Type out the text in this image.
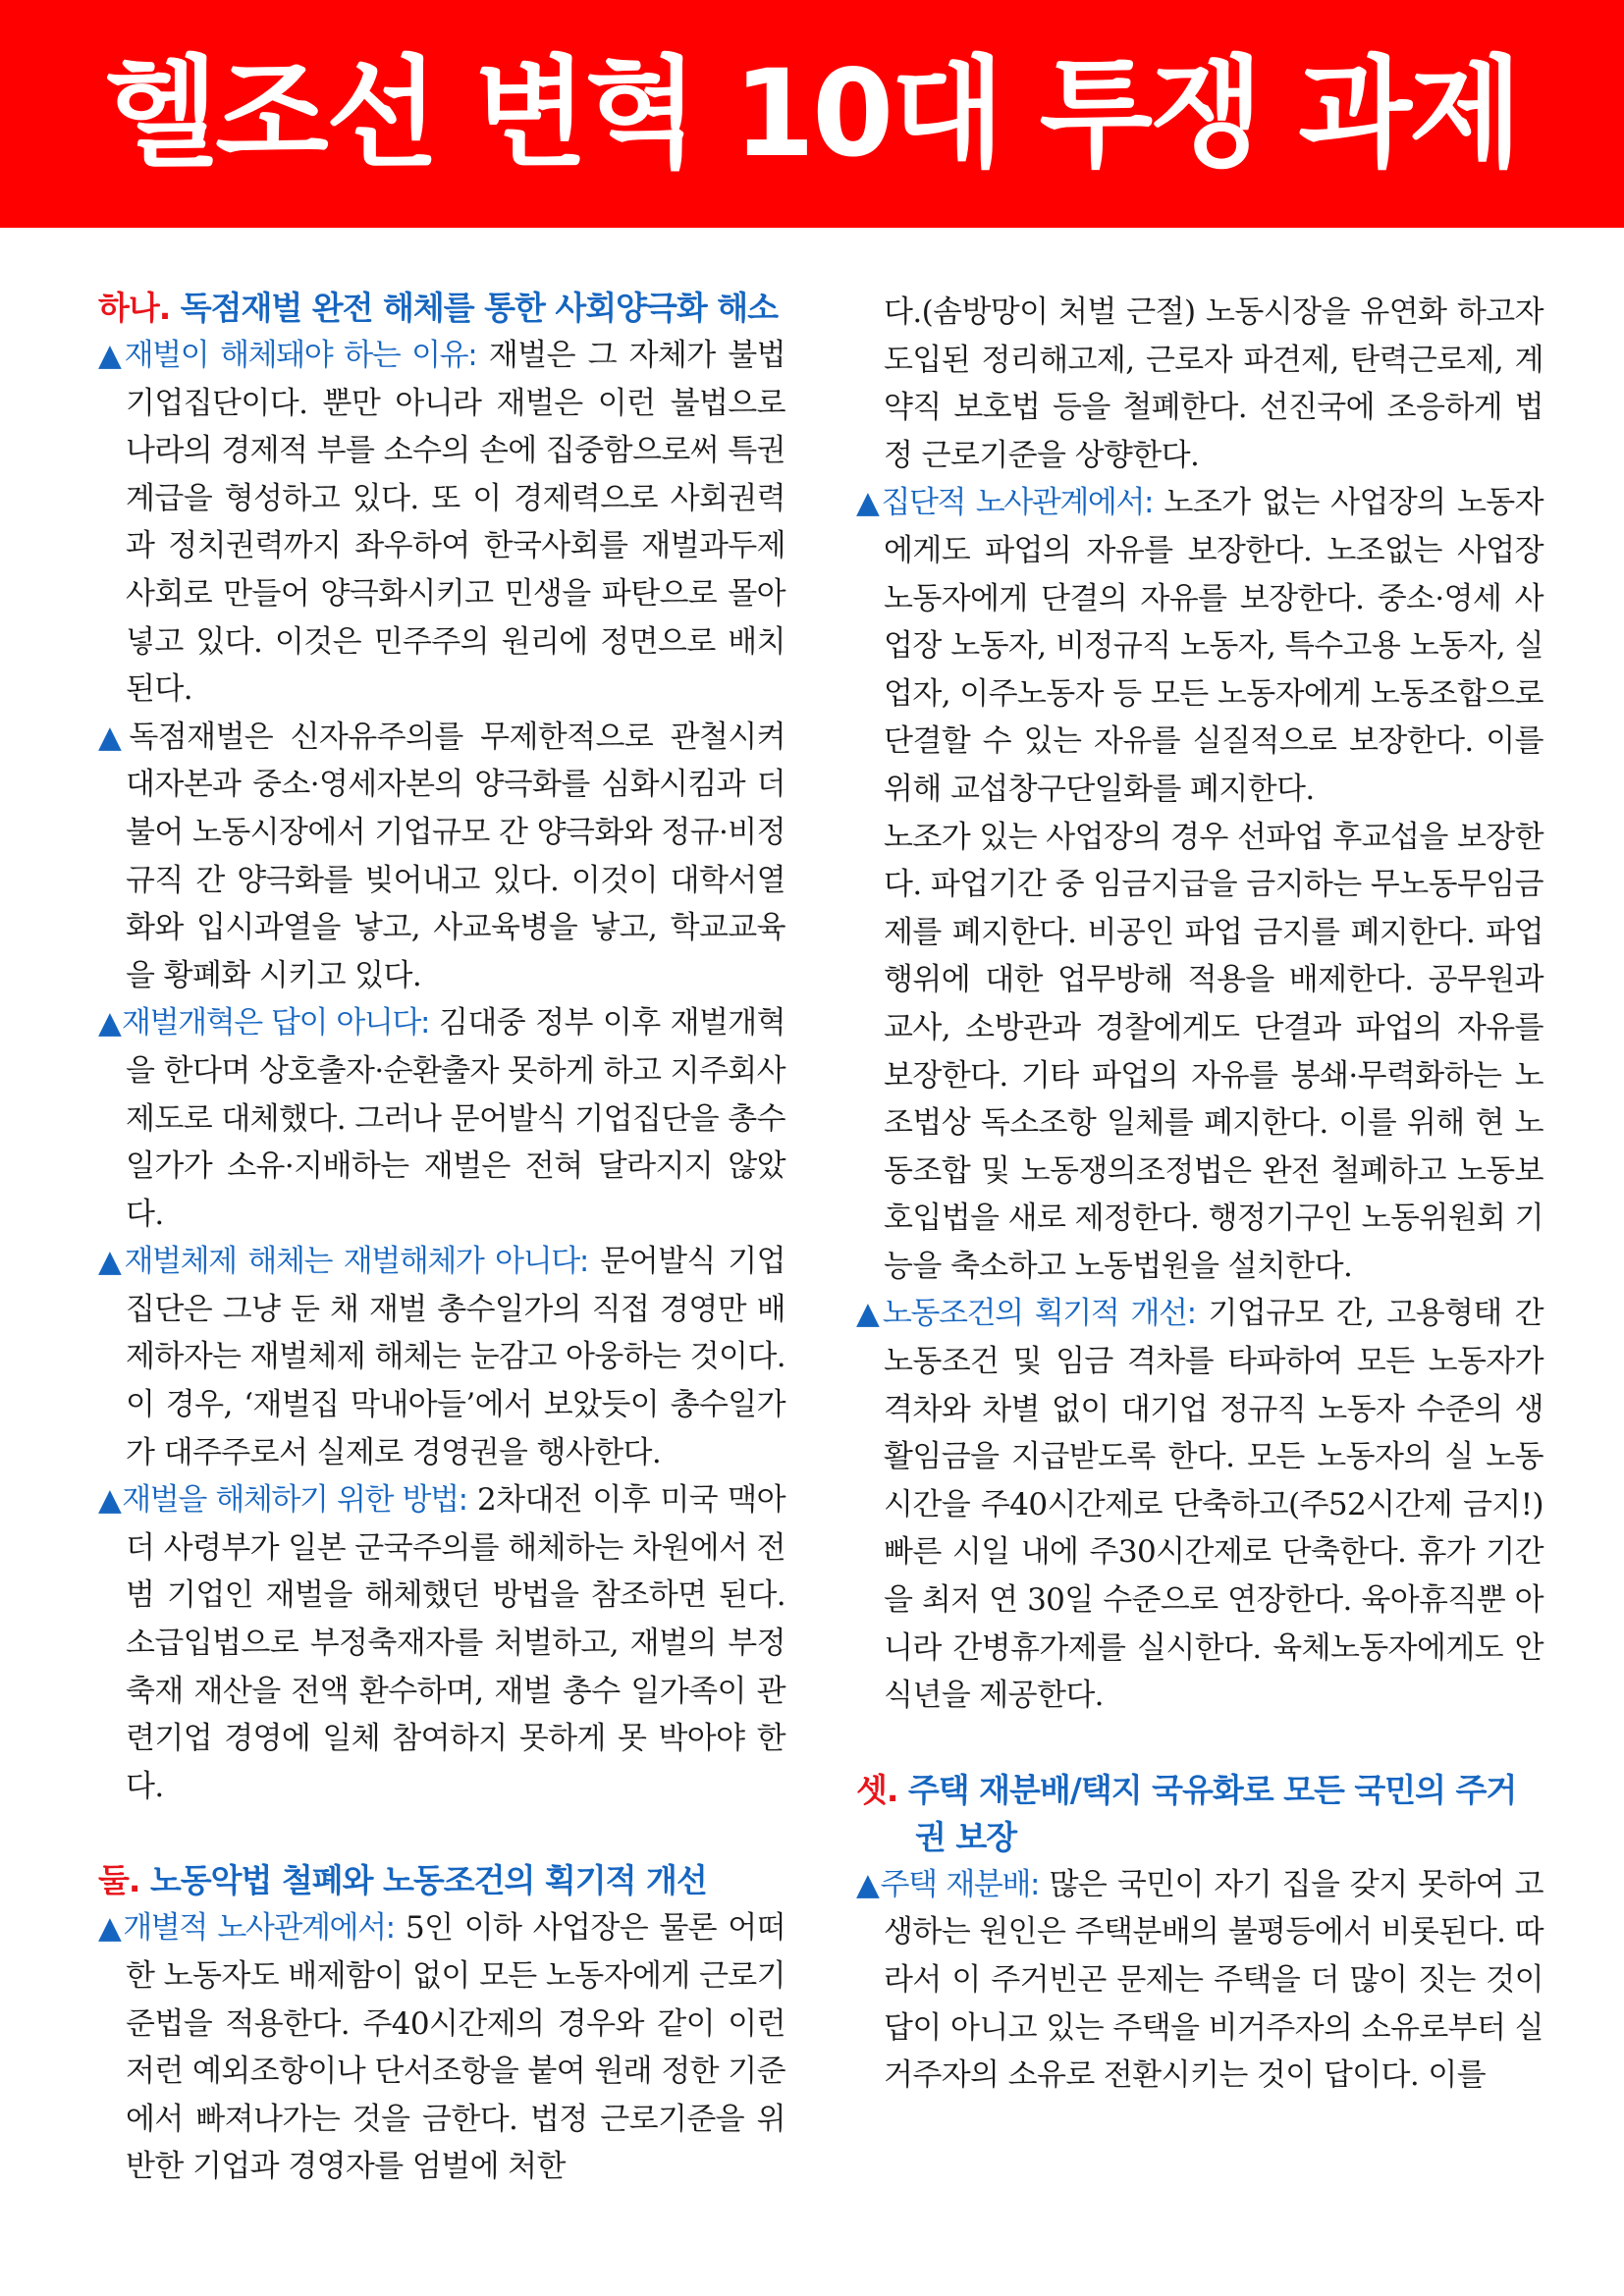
헬조선 변혁 10대 투쟁 과제
하나. 독점재벌 완전 해체를 통한 사회양극화 해소

▲재벌이 해체돼야 하는 이유: 재벌은 그 자체가 불법 기업집단이다. 뿐만 아니라 재벌은 이런 불법으로 나라의 경제적 부를 소수의 손에 집중함으로써 특권계급을 형성하고 있다. 또 이 경제력으로 사회권력과 정치권력까지 좌우하여 한국사회를 재벌과두제 사회로 만들어 양극화시키고 민생을 파탄으로 몰아넣고 있다. 이것은 민주주의 원리에 정면으로 배치된다.

▲독점재벌은 신자유주의를 무제한적으로 관철시켜 대자본과 중소·영세자본의 양극화를 심화시킴과 더불어 노동시장에서 기업규모 간 양극화와 정규·비정규직 간 양극화를 빚어내고 있다. 이것이 대학서열화와 입시과열을 낳고, 사교육병을 낳고, 학교교육을 황폐화 시키고 있다.

▲재벌개혁은 답이 아니다: 김대중 정부 이후 재벌개혁을 한다며 상호출자·순환출자 못하게 하고 지주회사 제도로 대체했다. 그러나 문어발식 기업집단을 총수일가가 소유·지배하는 재벌은 전혀 달라지지 않았다.

▲재벌체제 해체는 재벌해체가 아니다: 문어발식 기업집단은 그냥 둔 채 재벌 총수일가의 직접 경영만 배제하자는 재벌체제 해체는 눈감고 아웅하는 것이다. 이 경우, ‘재벌집 막내아들’에서 보았듯이 총수일가가 대주주로서 실제로 경영권을 행사한다.

▲재벌을 해체하기 위한 방법: 2차대전 이후 미국 맥아더 사령부가 일본 군국주의를 해체하는 차원에서 전범 기업인 재벌을 해체했던 방법을 참조하면 된다. 소급입법으로 부정축재자를 처벌하고, 재벌의 부정축재 재산을 전액 환수하며, 재벌 총수 일가족이 관련기업 경영에 일체 참여하지 못하게 못 박아야 한다.

둘. 노동악법 철폐와 노동조건의 획기적 개선

▲개별적 노사관계에서: 5인 이하 사업장은 물론 어떠한 노동자도 배제함이 없이 모든 노동자에게 근로기준법을 적용한다. 주40시간제의 경우와 같이 이런저런 예외조항이나 단서조항을 붙여 원래 정한 기준에서 빠져나가는 것을 금한다. 법정 근로기준을 위반한 기업과 경영자를 엄벌에 처한

다.(솜방망이 처벌 근절) 노동시장을 유연화 하고자 도입된 정리해고제, 근로자 파견제, 탄력근로제, 계약직 보호법 등을 철폐한다. 선진국에 조응하게 법정 근로기준을 상향한다.

▲집단적 노사관계에서: 노조가 없는 사업장의 노동자에게도 파업의 자유를 보장한다. 노조없는 사업장 노동자에게 단결의 자유를 보장한다. 중소·영세 사업장 노동자, 비정규직 노동자, 특수고용 노동자, 실업자, 이주노동자 등 모든 노동자에게 노동조합으로 단결할 수 있는 자유를 실질적으로 보장한다. 이를 위해 교섭창구단일화를 폐지한다.

노조가 있는 사업장의 경우 선파업 후교섭을 보장한다. 파업기간 중 임금지급을 금지하는 무노동무임금제를 폐지한다. 비공인 파업 금지를 폐지한다. 파업행위에 대한 업무방해 적용을 배제한다. 공무원과 교사, 소방관과 경찰에게도 단결과 파업의 자유를 보장한다. 기타 파업의 자유를 봉쇄·무력화하는 노조법상 독소조항 일체를 폐지한다. 이를 위해 현 노동조합 및 노동쟁의조정법은 완전 철폐하고 노동보호입법을 새로 제정한다. 행정기구인 노동위원회 기능을 축소하고 노동법원을 설치한다.

▲노동조건의 획기적 개선: 기업규모 간, 고용형태 간 노동조건 및 임금 격차를 타파하여 모든 노동자가 격차와 차별 없이 대기업 정규직 노동자 수준의 생활임금을 지급받도록 한다. 모든 노동자의 실 노동시간을 주40시간제로 단축하고(주52시간제 금지!) 빠른 시일 내에 주30시간제로 단축한다. 휴가 기간을 최저 연 30일 수준으로 연장한다. 육아휴직뿐 아니라 간병휴가제를 실시한다. 육체노동자에게도 안식년을 제공한다.

셋. 주택 재분배/택지 국유화로 모든 국민의 주거권 보장

▲주택 재분배: 많은 국민이 자기 집을 갖지 못하여 고생하는 원인은 주택분배의 불평등에서 비롯된다. 따라서 이 주거빈곤 문제는 주택을 더 많이 짓는 것이 답이 아니고 있는 주택을 비거주자의 소유로부터 실거주자의 소유로 전환시키는 것이 답이다. 이를
